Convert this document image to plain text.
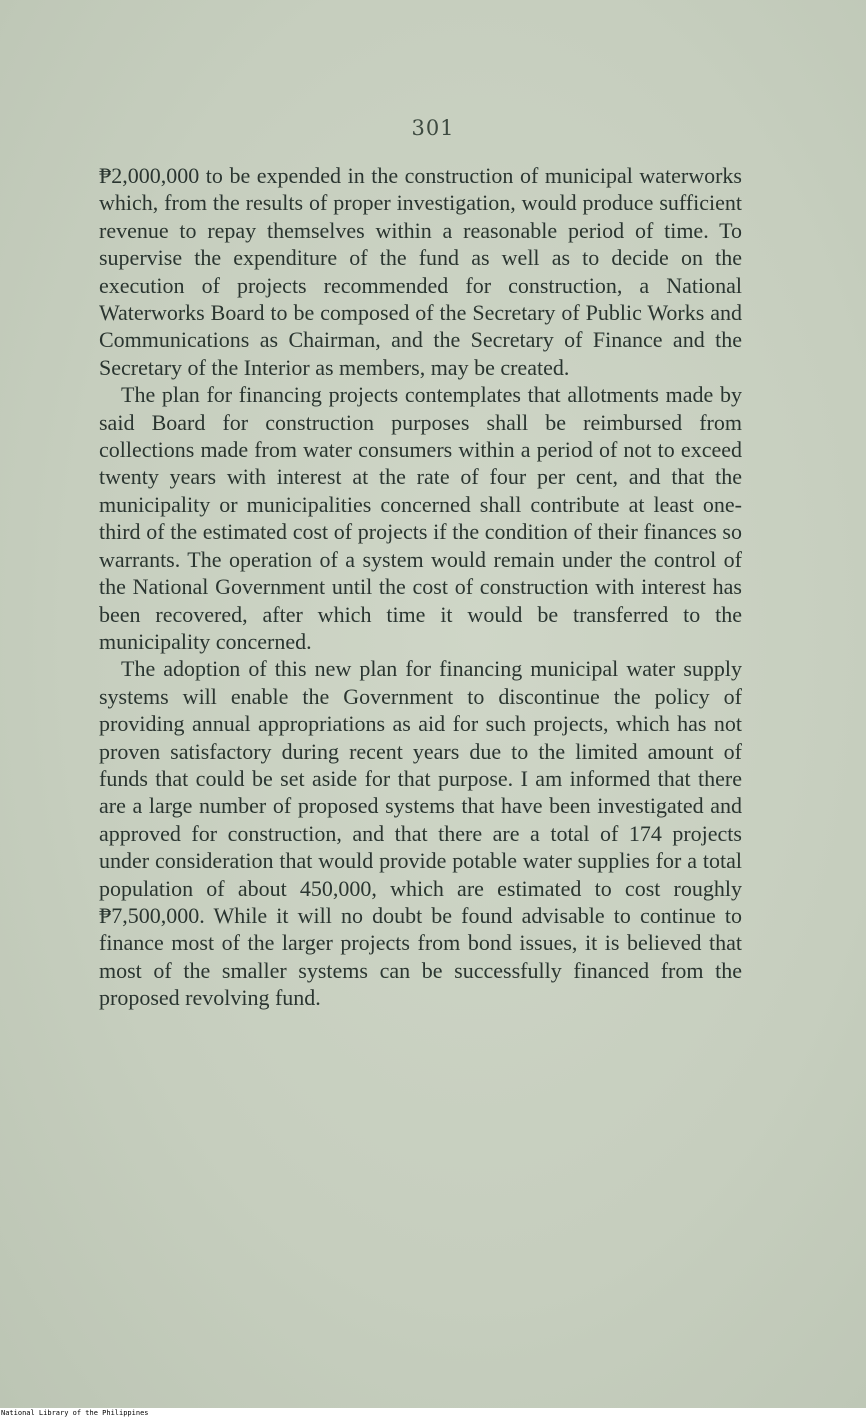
301

₱2,000,000 to be expended in the construction of municipal waterworks which, from the results of proper investigation, would produce sufficient revenue to repay themselves within a reasonable period of time. To supervise the expenditure of the fund as well as to decide on the execution of projects recommended for construction, a National Waterworks Board to be composed of the Secretary of Public Works and Communications as Chairman, and the Secretary of Finance and the Secretary of the Interior as members, may be created.

The plan for financing projects contemplates that allotments made by said Board for construction purposes shall be reimbursed from collections made from water consumers within a period of not to exceed twenty years with interest at the rate of four per cent, and that the municipality or municipalities concerned shall contribute at least one-third of the estimated cost of projects if the condition of their finances so warrants. The operation of a system would remain under the control of the National Government until the cost of construction with interest has been recovered, after which time it would be transferred to the municipality concerned.

The adoption of this new plan for financing municipal water supply systems will enable the Government to discontinue the policy of providing annual appropriations as aid for such projects, which has not proven satisfactory during recent years due to the limited amount of funds that could be set aside for that purpose. I am informed that there are a large number of proposed systems that have been investigated and approved for construction, and that there are a total of 174 projects under consideration that would provide potable water supplies for a total population of about 450,000, which are estimated to cost roughly ₱7,500,000. While it will no doubt be found advisable to continue to finance most of the larger projects from bond issues, it is believed that most of the smaller systems can be successfully financed from the proposed revolving fund.

National Library of the Philippines
